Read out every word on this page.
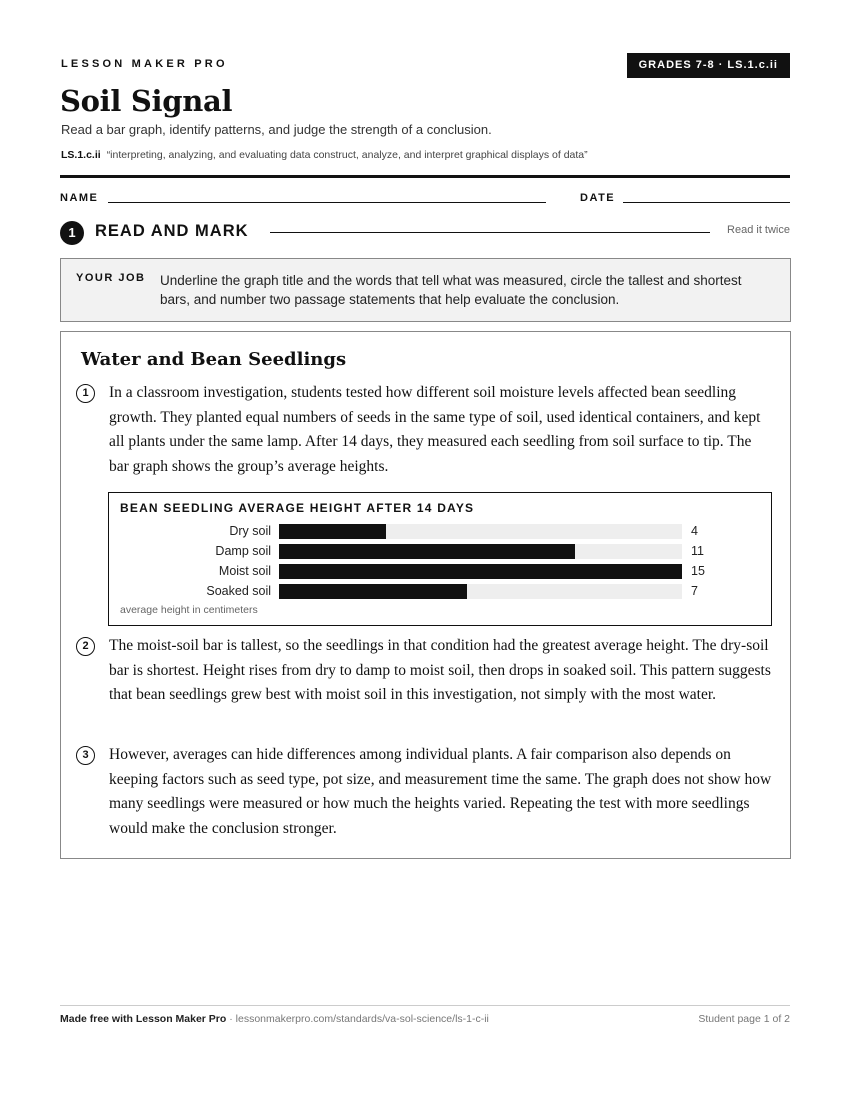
LESSON MAKER PRO	GRADES 7-8 · LS.1.c.ii
Soil Signal
Read a bar graph, identify patterns, and judge the strength of a conclusion.
LS.1.c.ii “interpreting, analyzing, and evaluating data construct, analyze, and interpret graphical displays of data”
NAME	DATE
1	READ AND MARK	Read it twice
YOUR JOB Underline the graph title and the words that tell what was measured, circle the tallest and shortest bars, and number two passage statements that help evaluate the conclusion.
Water and Bean Seedlings
1	In a classroom investigation, students tested how different soil moisture levels affected bean seedling growth. They planted equal numbers of seeds in the same type of soil, used identical containers, and kept all plants under the same lamp. After 14 days, they measured each seedling from soil surface to tip. The bar graph shows the group’s average heights.

BEAN SEEDLING AVERAGE HEIGHT AFTER 14 DAYS
Dry soil	4
Damp soil	11
Moist soil	15
Soaked soil	7
average height in centimeters
2	The moist-soil bar is tallest, so the seedlings in that condition had the greatest average height. The dry-soil bar is shortest. Height rises from dry to damp to moist soil, then drops in soaked soil. This pattern suggests that bean seedlings grew best with moist soil in this investigation, not simply with the most water.

3	However, averages can hide differences among individual plants. A fair comparison also depends on keeping factors such as seed type, pot size, and measurement time the same. The graph does not show how many seedlings were measured or how much the heights varied. Repeating the test with more seedlings would make the conclusion stronger.

Made free with Lesson Maker Pro · lessonmakerpro.com/standards/va-sol-science/ls-1-c-ii	Student page 1 of 2
